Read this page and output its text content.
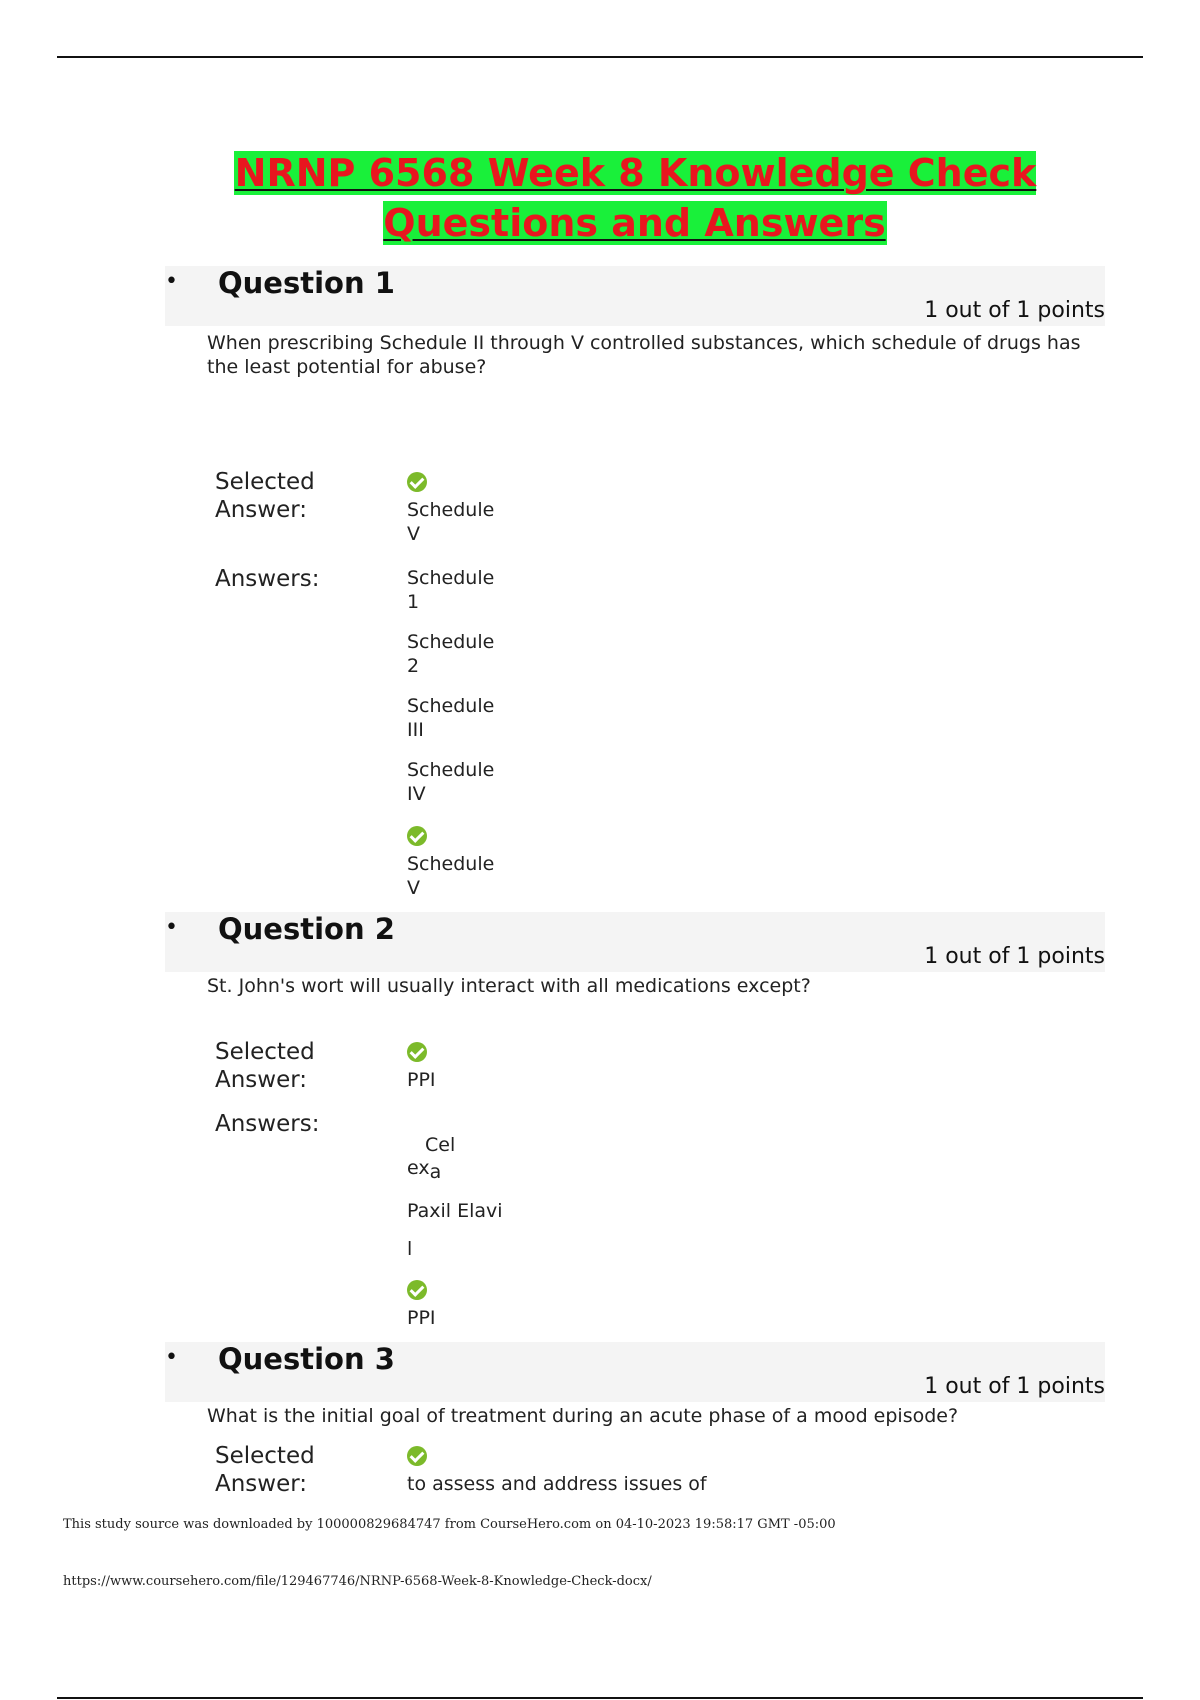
NRNP 6568 Week 8 Knowledge Check Questions and Answers
• Question 1
1 out of 1 points
When prescribing Schedule II through V controlled substances, which schedule of drugs has the least potential for abuse?
Selected Answer:	Schedule V
Answers:	Schedule 1
Schedule 2
Schedule III
Schedule IV
Schedule V
• Question 2
1 out of 1 points
St. John's wort will usually interact with all medications except?
Selected Answer:	PPI
Answers:
Cel
exa
Paxil Elavi
l
PPI
• Question 3
1 out of 1 points
What is the initial goal of treatment during an acute phase of a mood episode?
Selected Answer:	to assess and address issues of
This study source was downloaded by 100000829684747 from CourseHero.com on 04-10-2023 19:58:17 GMT -05:00
https://www.coursehero.com/file/129467746/NRNP-6568-Week-8-Knowledge-Check-docx/
